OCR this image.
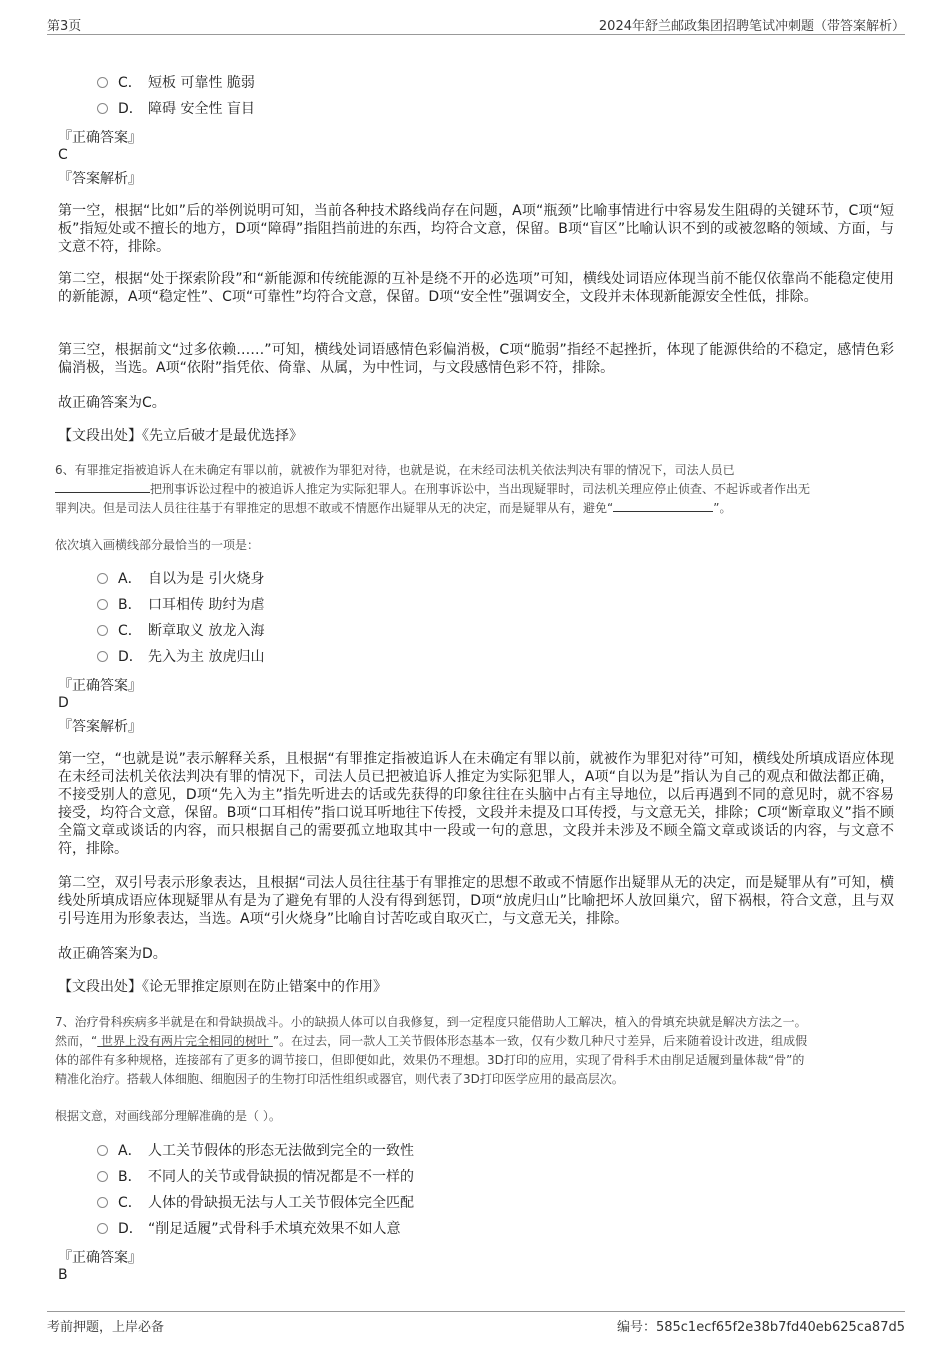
第3页	2024年舒兰邮政集团招聘笔试冲刺题（带答案解析）
C． 短板 可靠性 脆弱
D． 障碍 安全性 盲目
『正确答案』
C
『答案解析』
第一空，根据“比如”后的举例说明可知，当前各种技术路线尚存在问题，A项“瓶颈”比喻事情进行中容易发生阻碍的关键环节，C项“短板”指短处或不擅长的地方，D项“障碍”指阻挡前进的东西，均符合文意，保留。B项“盲区”比喻认识不到的或被忽略的领域、方面，与文意不符，排除。
第二空，根据“处于探索阶段”和“新能源和传统能源的互补是绕不开的必选项”可知，横线处词语应体现当前不能仅依靠尚不能稳定使用的新能源，A项“稳定性”、C项“可靠性”均符合文意，保留。D项“安全性”强调安全，文段并未体现新能源安全性低，排除。
第三空，根据前文“过多依赖……”可知，横线处词语感情色彩偏消极，C项“脆弱”指经不起挫折，体现了能源供给的不稳定，感情色彩偏消极，当选。A项“依附”指凭依、倚靠、从属，为中性词，与文段感情色彩不符，排除。
故正确答案为C。
【文段出处】《先立后破才是最优选择》
6、有罪推定指被追诉人在未确定有罪以前，就被作为罪犯对待，也就是说，在未经司法机关依法判决有罪的情况下，司法人员已
把刑事诉讼过程中的被追诉人推定为实际犯罪人。在刑事诉讼中，当出现疑罪时，司法机关理应停止侦查、不起诉或者作出无
罪判决。但是司法人员往往基于有罪推定的思想不敢或不情愿作出疑罪从无的决定，而是疑罪从有，避免“	”。
依次填入画横线部分最恰当的一项是：
A． 自以为是 引火烧身
B． 口耳相传 助纣为虐
C． 断章取义 放龙入海
D． 先入为主 放虎归山
『正确答案』
D
『答案解析』
第一空，“也就是说”表示解释关系，且根据“有罪推定指被追诉人在未确定有罪以前，就被作为罪犯对待”可知，横线处所填成语应体现在未经司法机关依法判决有罪的情况下，司法人员已把被追诉人推定为实际犯罪人，A项“自以为是”指认为自己的观点和做法都正确，不接受别人的意见，D项“先入为主”指先听进去的话或先获得的印象往往在头脑中占有主导地位，以后再遇到不同的意见时，就不容易接受，均符合文意，保留。B项“口耳相传”指口说耳听地往下传授，文段并未提及口耳传授，与文意无关，排除；C项“断章取义”指不顾全篇文章或谈话的内容，而只根据自己的需要孤立地取其中一段或一句的意思，文段并未涉及不顾全篇文章或谈话的内容，与文意不符，排除。
第二空，双引号表示形象表达，且根据“司法人员往往基于有罪推定的思想不敢或不情愿作出疑罪从无的决定，而是疑罪从有”可知，横线处所填成语应体现疑罪从有是为了避免有罪的人没有得到惩罚，D项“放虎归山”比喻把坏人放回巢穴，留下祸根，符合文意，且与双引号连用为形象表达，当选。A项“引火烧身”比喻自讨苦吃或自取灭亡，与文意无关，排除。
故正确答案为D。
【文段出处】《论无罪推定原则在防止错案中的作用》
7、治疗骨科疾病多半就是在和骨缺损战斗。小的缺损人体可以自我修复，到一定程度只能借助人工解决，植入的骨填充块就是解决方法之一。
然而，“ 世界上没有两片完全相同的树叶 ”。在过去，同一款人工关节假体形态基本一致，仅有少数几种尺寸差异，后来随着设计改进，组成假
体的部件有多种规格，连接部有了更多的调节接口，但即便如此，效果仍不理想。3D打印的应用，实现了骨科手术由削足适履到量体裁“骨”的
精准化治疗。搭载人体细胞、细胞因子的生物打印活性组织或器官，则代表了3D打印医学应用的最高层次。
根据文意，对画线部分理解准确的是（ ）。
A． 人工关节假体的形态无法做到完全的一致性
B． 不同人的关节或骨缺损的情况都是不一样的
C． 人体的骨缺损无法与人工关节假体完全匹配
D． “削足适履”式骨科手术填充效果不如人意
『正确答案』
B
考前押题，上岸必备	编号：585c1ecf65f2e38b7fd40eb625ca87d5
